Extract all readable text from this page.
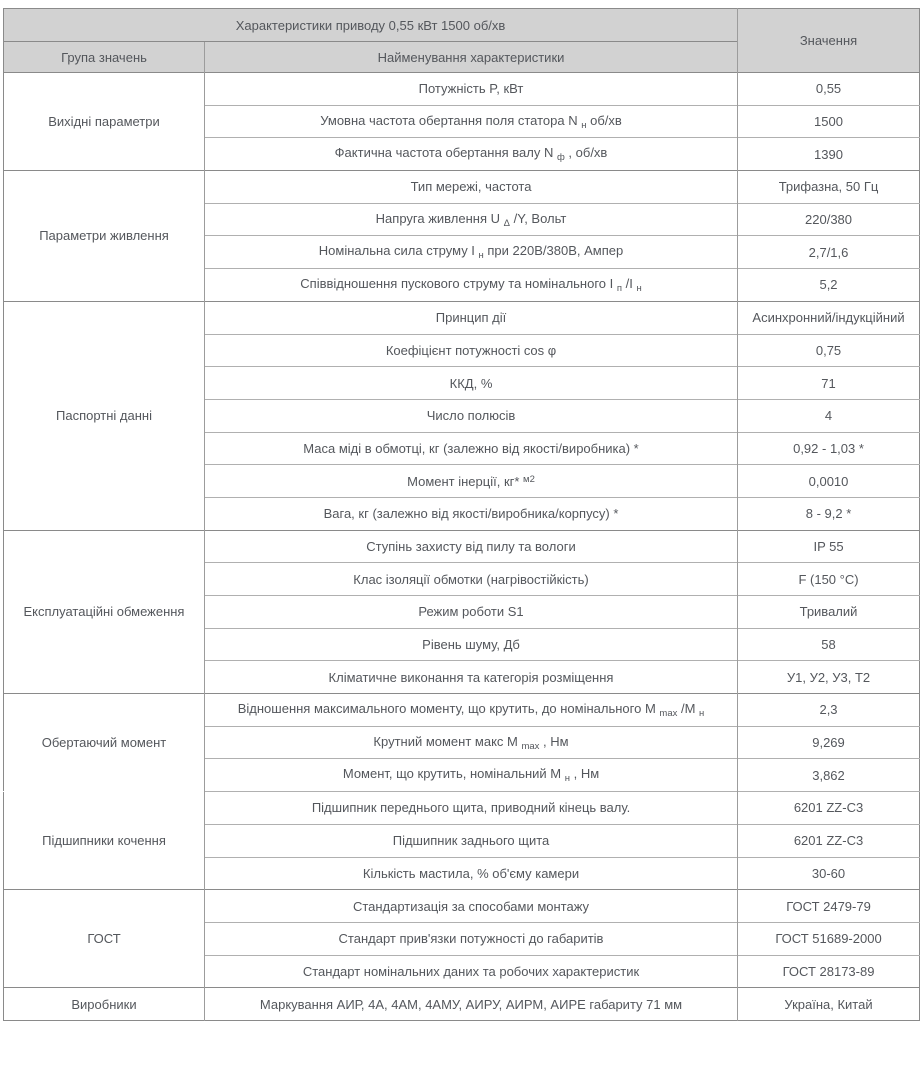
Характеристики приводу 0,55 кВт 1500 об/хв		Значення
Група значень	Найменування характеристики	
Вихідні параметри	Потужність P, кВт	0,55
	Умовна частота обертання поля статора N $_н$ об/хв	1500
	Фактична частота обертання валу N $_ф$ , об/хв	1390
Параметри живлення	Тип мережі, частота	Трифазна, 50 Гц
	Напруга живлення U $_\Delta$ /Y, Вольт	220/380
	Номінальна сила струму I $_н$ при 220В/380В, Ампер	2,7/1,6
	Співвідношення пускового струму та номінального I $_п$ /I $_н$	5,2
Паспортні данні	Принцип дії	Асинхронний/індукційний
	Коефіцієнт потужності cos φ	0,75
	ККД, %	71
	Число полюсів	4
	Маса міді в обмотці, кг (залежно від якості/виробника) *	0,92 - 1,03 *
	Момент інерції, кг* $^{м2}$	0,0010
	Вага, кг (залежно від якості/виробника/корпусу) *	8 - 9,2 *
Експлуатаційні обмеження	Ступінь захисту від пилу та вологи	IP 55
	Клас ізоляції обмотки (нагрівостійкість)	F (150 °C)
	Режим роботи S1	Тривалий
	Рівень шуму, Дб	58
	Кліматичне виконання та категорія розміщення	У1, У2, У3, Т2
Обертаючий момент	Відношення максимального моменту, що крутить, до номінального М $_{max}$ /М $_н$	2,3
	Крутний момент макс М $_{max}$ , Нм	9,269
	Момент, що крутить, номінальний М $_н$ , Нм	3,862
Підшипники кочення	Підшипник переднього щита, приводний кінець валу.	6201 ZZ-C3
	Підшипник заднього щита	6201 ZZ-C3
	Кількість мастила, % об'єму камери	30-60
ГОСТ	Стандартизація за способами монтажу	ГОСТ 2479-79
	Стандарт прив'язки потужності до габаритів	ГОСТ 51689-2000
	Стандарт номінальних даних та робочих характеристик	ГОСТ 28173-89
Виробники	Маркування АИР, 4А, 4АМ, 4АМУ, АИРУ, АИРМ, АИРЕ габариту 71 мм	Україна, Китай
